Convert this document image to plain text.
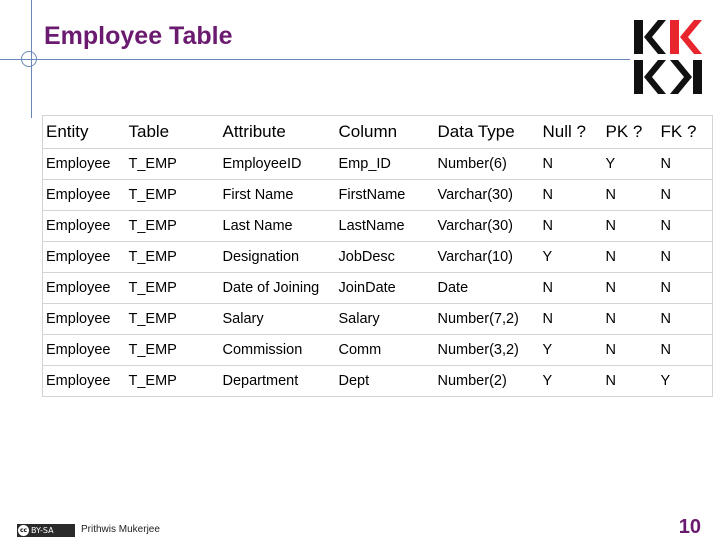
Employee Table
Entity	Table	Attribute	Column	Data Type	Null ?	PK ?	FK ?
Employee	T_EMP	EmployeeID	Emp_ID	Number(6)	N	Y	N
Employee	T_EMP	First Name	FirstName	Varchar(30)	N	N	N
Employee	T_EMP	Last Name	LastName	Varchar(30)	N	N	N
Employee	T_EMP	Designation	JobDesc	Varchar(10)	Y	N	N
Employee	T_EMP	Date of Joining	JoinDate	Date	N	N	N
Employee	T_EMP	Salary	Salary	Number(7,2)	N	N	N
Employee	T_EMP	Commission	Comm	Number(3,2)	Y	N	N
Employee	T_EMP	Department	Dept	Number(2)	Y	N	Y
cc BY-SA	Prithwis Mukerjee	10
